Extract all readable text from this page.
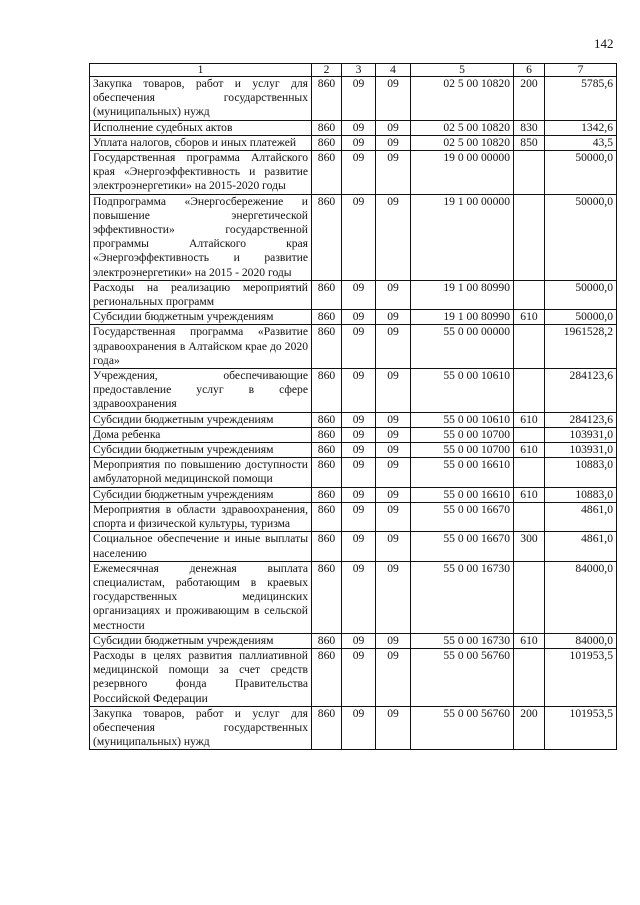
142
1	2	3	4	5	6	7
Закупка товаров, работ и услуг для обеспечения государственных (муниципальных) нужд	860	09	09	02 5 00 10820	200	5785,6
Исполнение судебных актов	860	09	09	02 5 00 10820	830	1342,6
Уплата налогов, сборов и иных платежей	860	09	09	02 5 00 10820	850	43,5
Государственная программа Алтайского края «Энергоэффективность и развитие электроэнергетики» на 2015-2020 годы	860	09	09	19 0 00 00000		50000,0
Подпрограмма «Энергосбережение и повышение энергетической эффективности» государственной программы Алтайского края «Энергоэффективность и развитие электроэнергетики» на 2015 - 2020 годы	860	09	09	19 1 00 00000		50000,0
Расходы на реализацию мероприятий региональных программ	860	09	09	19 1 00 80990		50000,0
Субсидии бюджетным учреждениям	860	09	09	19 1 00 80990	610	50000,0
Государственная программа «Развитие здравоохранения в Алтайском крае до 2020 года»	860	09	09	55 0 00 00000		1961528,2
Учреждения, обеспечивающие предоставление услуг в сфере здравоохранения	860	09	09	55 0 00 10610		284123,6
Субсидии бюджетным учреждениям	860	09	09	55 0 00 10610	610	284123,6
Дома ребенка	860	09	09	55 0 00 10700		103931,0
Субсидии бюджетным учреждениям	860	09	09	55 0 00 10700	610	103931,0
Мероприятия по повышению доступности амбулаторной медицинской помощи	860	09	09	55 0 00 16610		10883,0
Субсидии бюджетным учреждениям	860	09	09	55 0 00 16610	610	10883,0
Мероприятия в области здравоохранения, спорта и физической культуры, туризма	860	09	09	55 0 00 16670		4861,0
Социальное обеспечение и иные выплаты населению	860	09	09	55 0 00 16670	300	4861,0
Ежемесячная денежная выплата специалистам, работающим в краевых государственных медицинских организациях и проживающим в сельской местности	860	09	09	55 0 00 16730		84000,0
Субсидии бюджетным учреждениям	860	09	09	55 0 00 16730	610	84000,0
Расходы в целях развития паллиативной медицинской помощи за счет средств резервного фонда Правительства Российской Федерации	860	09	09	55 0 00 56760		101953,5
Закупка товаров, работ и услуг для обеспечения государственных (муниципальных) нужд	860	09	09	55 0 00 56760	200	101953,5
